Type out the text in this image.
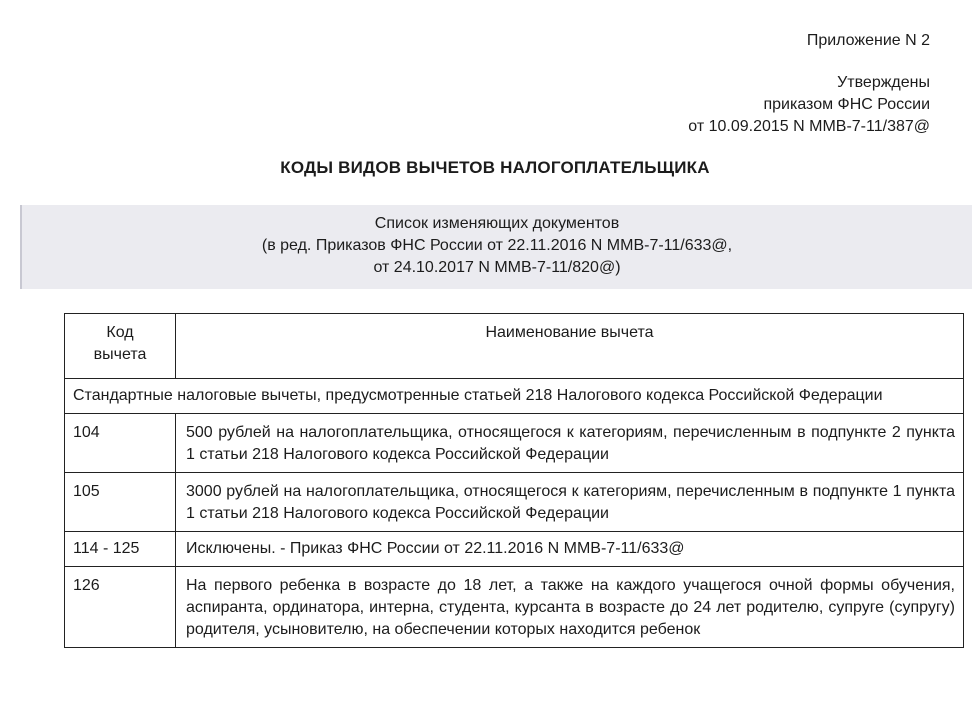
Приложение N 2
Утверждены
приказом ФНС России
от 10.09.2015 N ММВ-7-11/387@
КОДЫ ВИДОВ ВЫЧЕТОВ НАЛОГОПЛАТЕЛЬЩИКА
Список изменяющих документов
(в ред. Приказов ФНС России от 22.11.2016 N ММВ-7-11/633@,
от 24.10.2017 N ММВ-7-11/820@)
Код
вычета	Наименование вычета
Стандартные налоговые вычеты, предусмотренные статьей 218 Налогового кодекса Российской Федерации	
104	500 рублей на налогоплательщика, относящегося к категориям, перечисленным в подпункте 2 пункта 1 статьи 218 Налогового кодекса Российской Федерации
105	3000 рублей на налогоплательщика, относящегося к категориям, перечисленным в подпункте 1 пункта 1 статьи 218 Налогового кодекса Российской Федерации
114 - 125	Исключены. - Приказ ФНС России от 22.11.2016 N ММВ-7-11/633@
126	На первого ребенка в возрасте до 18 лет, а также на каждого учащегося очной формы обучения, аспиранта, ординатора, интерна, студента, курсанта в возрасте до 24 лет родителю, супруге (супругу) родителя, усыновителю, на обеспечении которых находится ребенок
